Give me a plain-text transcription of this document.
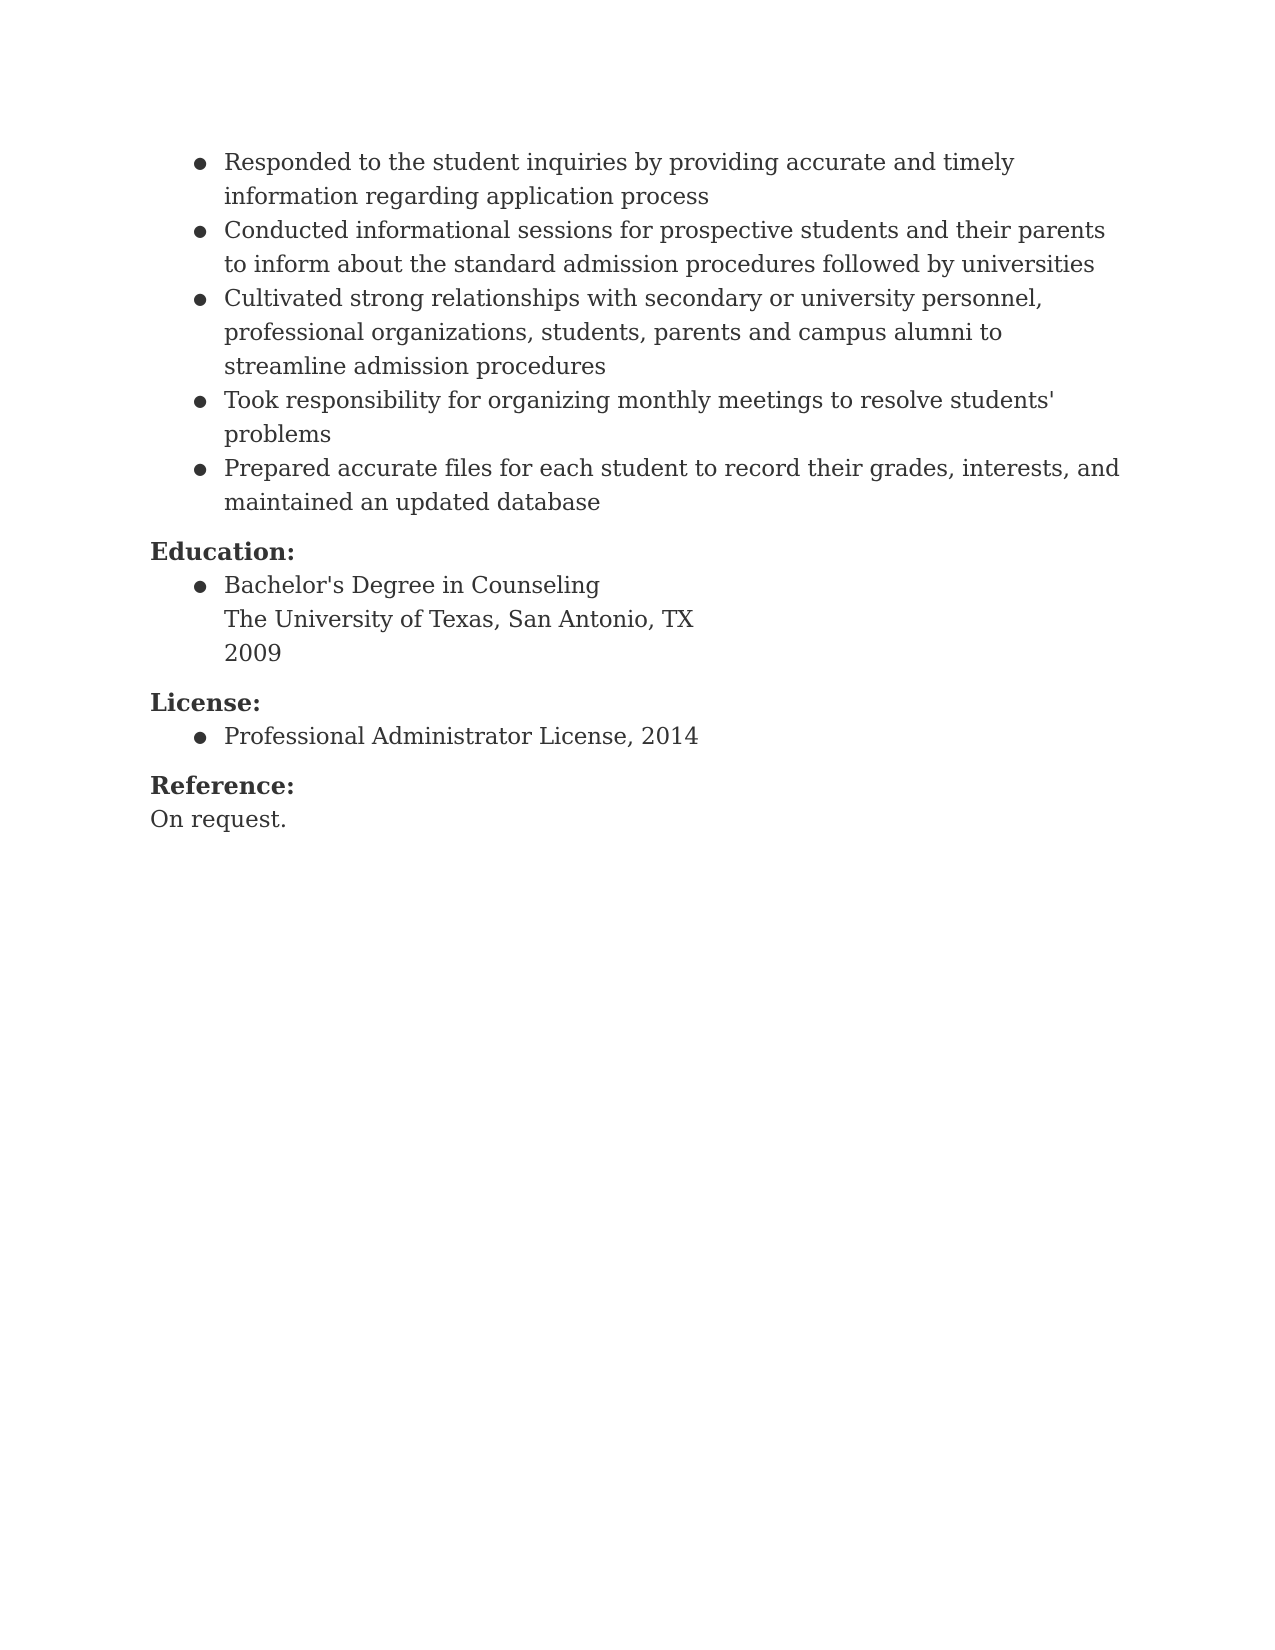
● Responded to the student inquiries by providing accurate and timely information regarding application process
● Conducted informational sessions for prospective students and their parents to inform about the standard admission procedures followed by universities
● Cultivated strong relationships with secondary or university personnel, professional organizations, students, parents and campus alumni to streamline admission procedures
● Took responsibility for organizing monthly meetings to resolve students' problems
● Prepared accurate files for each student to record their grades, interests, and maintained an updated database

Education:

● Bachelor's Degree in Counseling
The University of Texas, San Antonio, TX
2009

License:

● Professional Administrator License, 2014

Reference:

On request.
